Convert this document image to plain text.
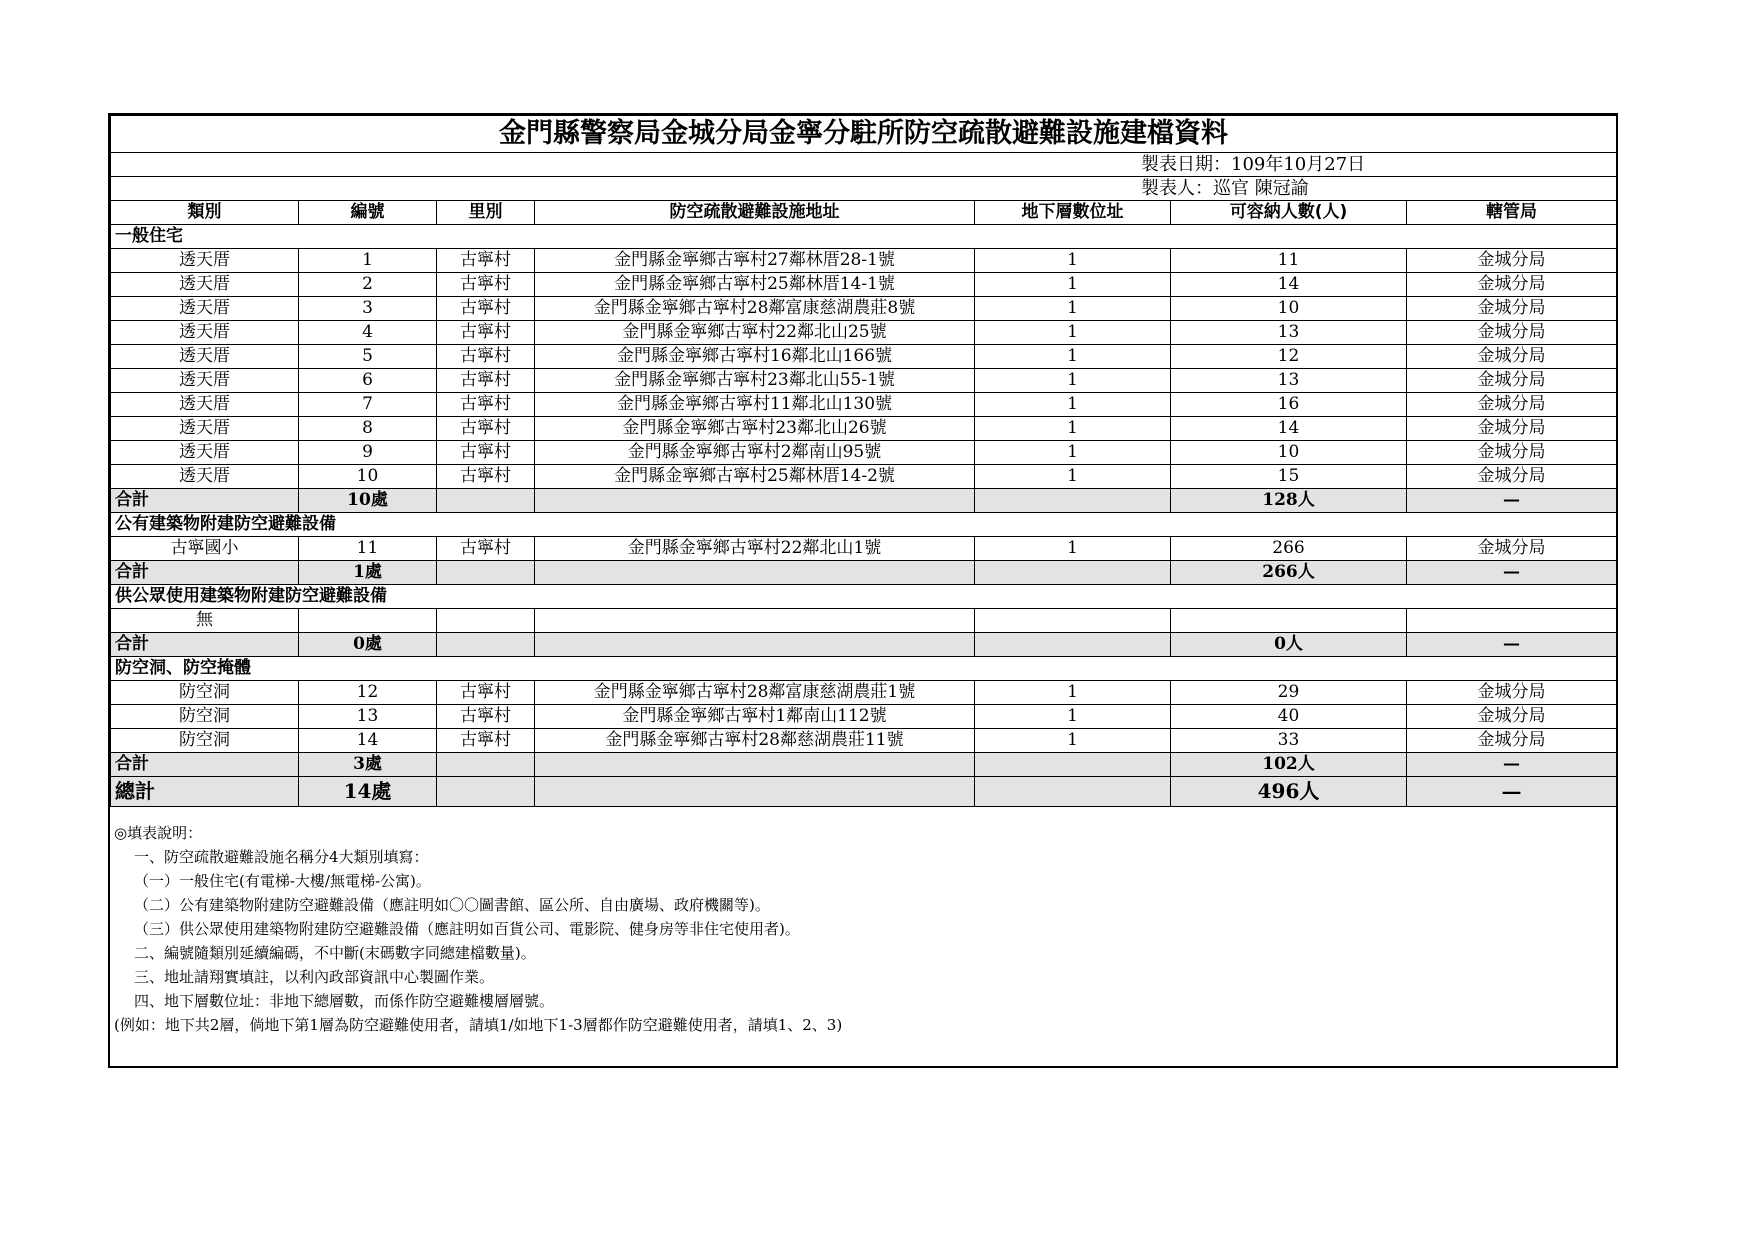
金門縣警察局金城分局金寧分駐所防空疏散避難設施建檔資料						
製表日期：109年10月27日						
製表人：巡官 陳冠諭						
類別	編號	里別	防空疏散避難設施地址	地下層數位址	可容納人數(人)	轄管局
一般住宅						
透天厝	1	古寧村	金門縣金寧鄉古寧村27鄰林厝28-1號	1	11	金城分局
透天厝	2	古寧村	金門縣金寧鄉古寧村25鄰林厝14-1號	1	14	金城分局
透天厝	3	古寧村	金門縣金寧鄉古寧村28鄰富康慈湖農莊8號	1	10	金城分局
透天厝	4	古寧村	金門縣金寧鄉古寧村22鄰北山25號	1	13	金城分局
透天厝	5	古寧村	金門縣金寧鄉古寧村16鄰北山166號	1	12	金城分局
透天厝	6	古寧村	金門縣金寧鄉古寧村23鄰北山55-1號	1	13	金城分局
透天厝	7	古寧村	金門縣金寧鄉古寧村11鄰北山130號	1	16	金城分局
透天厝	8	古寧村	金門縣金寧鄉古寧村23鄰北山26號	1	14	金城分局
透天厝	9	古寧村	金門縣金寧鄉古寧村2鄰南山95號	1	10	金城分局
透天厝	10	古寧村	金門縣金寧鄉古寧村25鄰林厝14-2號	1	15	金城分局
合計	10處				128人	—
公有建築物附建防空避難設備						
古寧國小	11	古寧村	金門縣金寧鄉古寧村22鄰北山1號	1	266	金城分局
合計	1處				266人	—
供公眾使用建築物附建防空避難設備						
無						
合計	0處				0人	—
防空洞、防空掩體						
防空洞	12	古寧村	金門縣金寧鄉古寧村28鄰富康慈湖農莊1號	1	29	金城分局
防空洞	13	古寧村	金門縣金寧鄉古寧村1鄰南山112號	1	40	金城分局
防空洞	14	古寧村	金門縣金寧鄉古寧村28鄰慈湖農莊11號	1	33	金城分局
合計	3處				102人	—
總計	14處				496人	—
◎填表說明：
一、防空疏散避難設施名稱分4大類別填寫：
（一）一般住宅(有電梯-大樓/無電梯-公寓)。
（二）公有建築物附建防空避難設備（應註明如〇〇圖書館、區公所、自由廣場、政府機關等)。
（三）供公眾使用建築物附建防空避難設備（應註明如百貨公司、電影院、健身房等非住宅使用者)。
二、編號隨類別延續編碼，不中斷(末碼數字同總建檔數量)。
三、地址請翔實填註，以利內政部資訊中心製圖作業。
四、地下層數位址：非地下總層數，而係作防空避難樓層層號。
(例如：地下共2層，倘地下第1層為防空避難使用者，請填1/如地下1-3層都作防空避難使用者，請填1、2、3)
